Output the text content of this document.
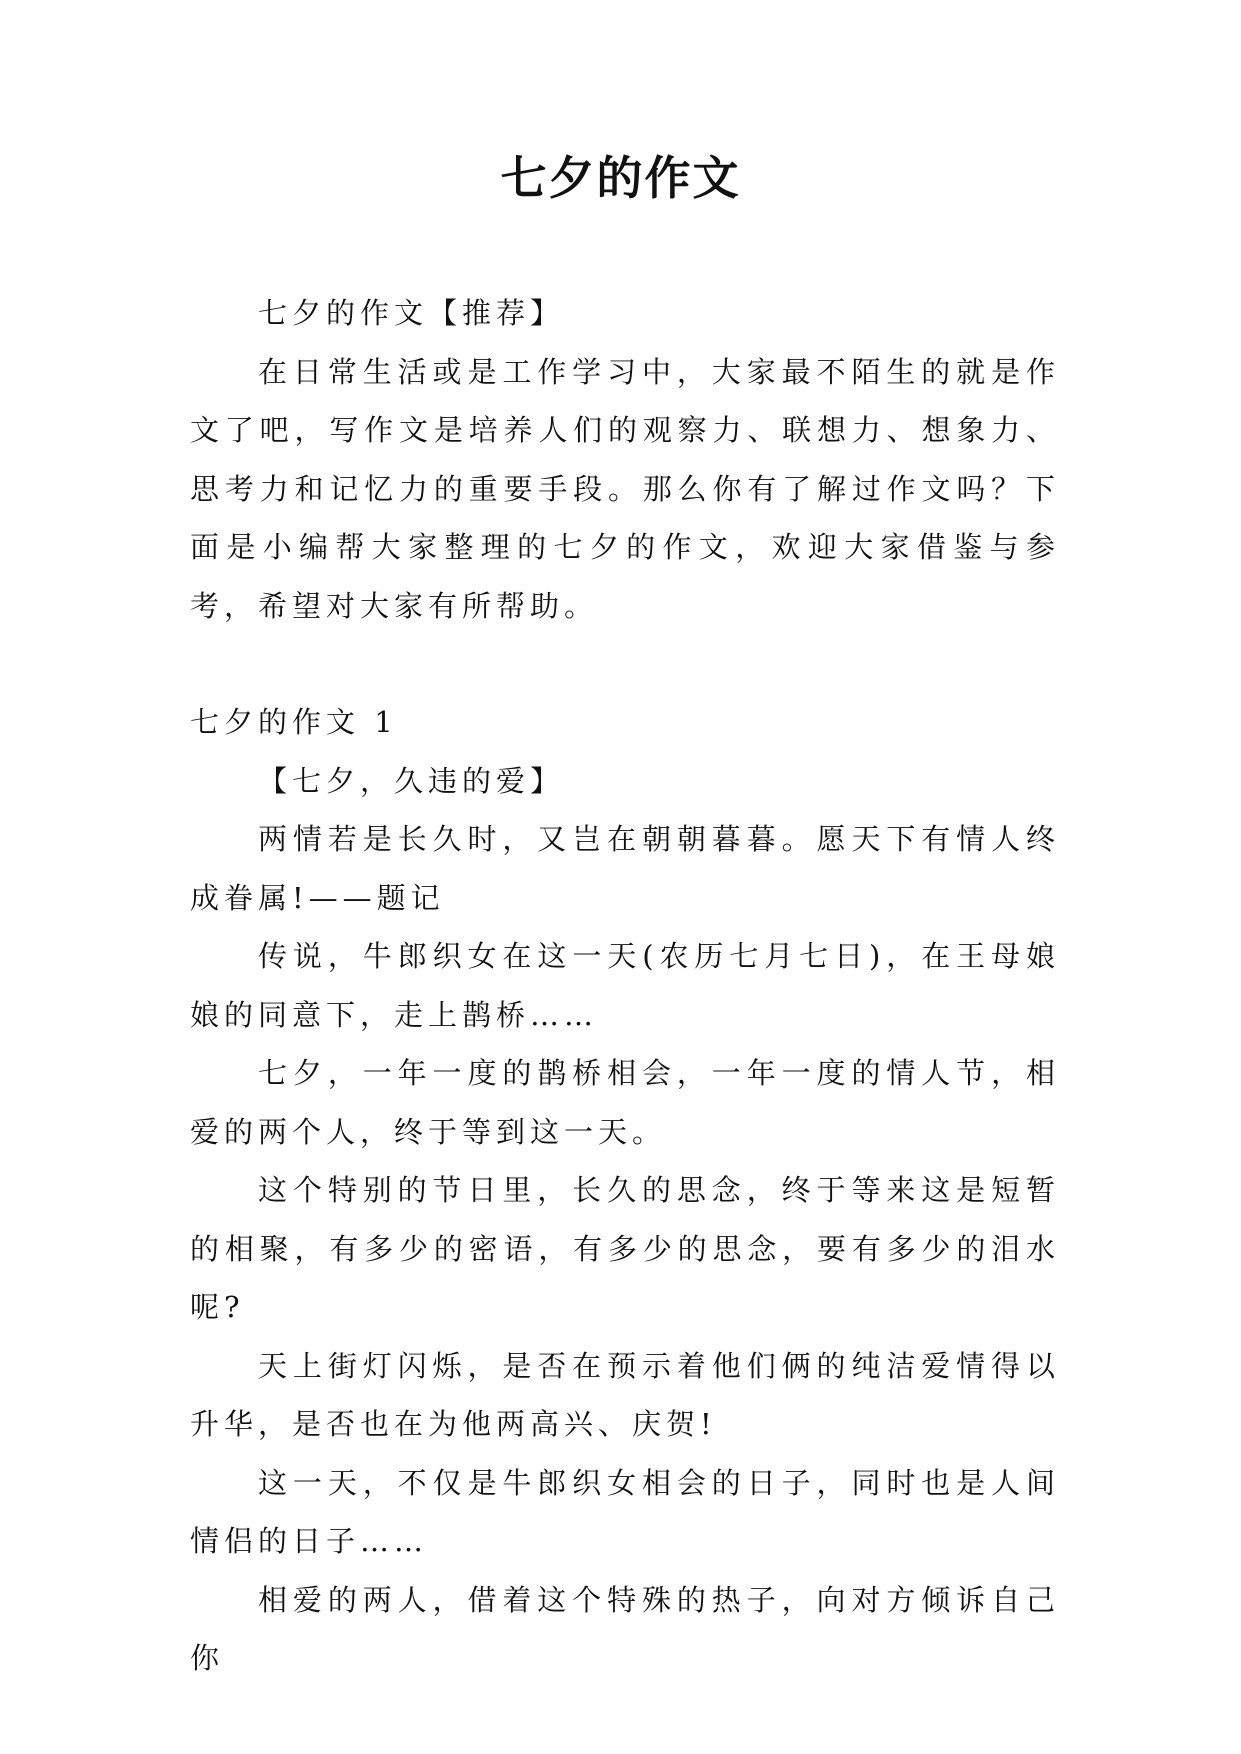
七夕的作文

七夕的作文【推荐】

在日常生活或是工作学习中，大家最不陌生的就是作文了吧，写作文是培养人们的观察力、联想力、想象力、思考力和记忆力的重要手段。那么你有了解过作文吗？下面是小编帮大家整理的七夕的作文，欢迎大家借鉴与参考，希望对大家有所帮助。

七夕的作文 1

【七夕，久违的爱】

两情若是长久时，又岂在朝朝暮暮。愿天下有情人终成眷属!——题记

传说，牛郎织女在这一天(农历七月七日)，在王母娘娘的同意下，走上鹊桥……

七夕，一年一度的鹊桥相会，一年一度的情人节，相爱的两个人，终于等到这一天。

这个特别的节日里，长久的思念，终于等来这是短暂的相聚，有多少的密语，有多少的思念，要有多少的泪水呢?

天上街灯闪烁，是否在预示着他们俩的纯洁爱情得以升华，是否也在为他两高兴、庆贺!

这一天，不仅是牛郎织女相会的日子，同时也是人间情侣的日子……

相爱的两人，借着这个特殊的热子，向对方倾诉自己你
